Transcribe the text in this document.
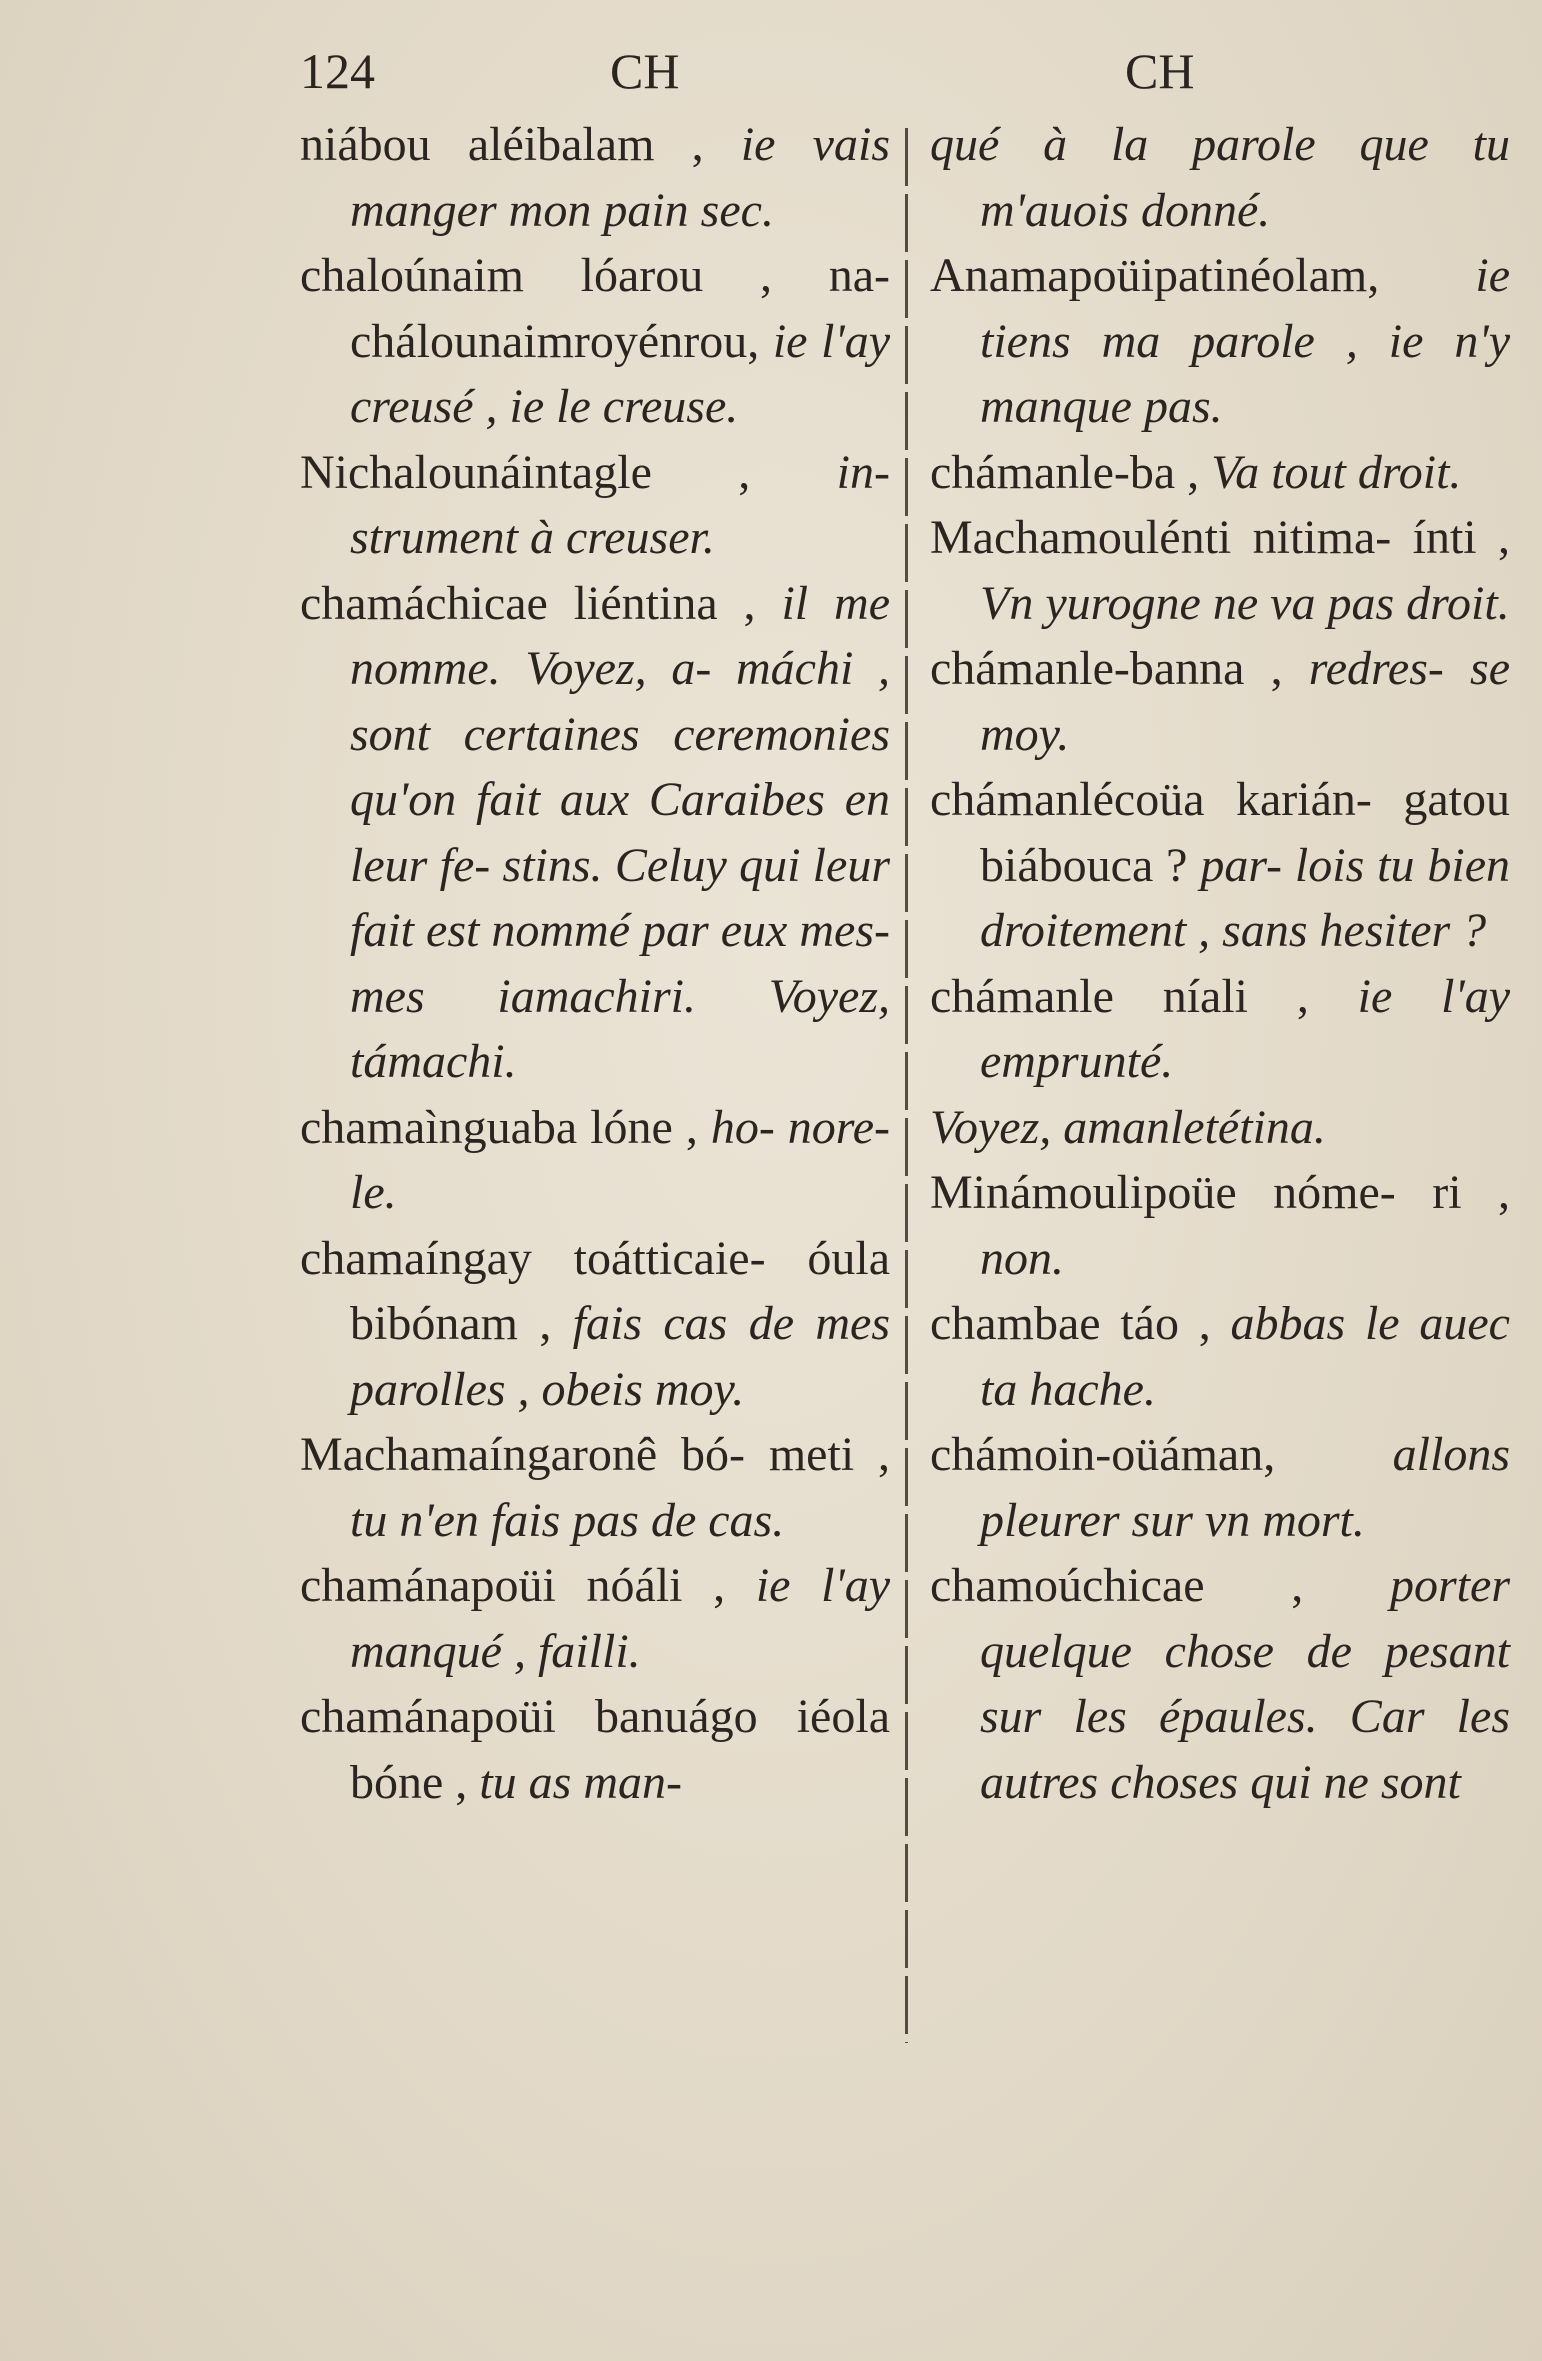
124	CH	CH

niábou aléibalam , ie vais manger mon pain sec.

chaloúnaim lóarou , na- chálounaimroyénrou, ie l'ay creusé , ie le creuse.

Nichalounáintagle , in- strument à creuser.

chamáchicae liéntina , il me nomme. Voyez, a- máchi , sont certaines ceremonies qu'on fait aux Caraibes en leur fe- stins. Celuy qui leur fait est nommé par eux mes- mes iamachiri. Voyez, támachi.

chamaìnguaba lóne , ho- nore-le.

chamaíngay toátticaie- óula bibónam , fais cas de mes parolles , obeis moy.

Machamaíngaronê bó- meti , tu n'en fais pas de cas.

chamánapoüi nóáli , ie l'ay manqué , failli.

chamánapoüi banuágo iéola bóne , tu as man-

qué à la parole que tu m'auois donné.

Anamapoüipatinéolam, ie tiens ma parole , ie n'y manque pas.

chámanle-ba , Va tout droit.

Machamoulénti nitima- ínti , Vn yurogne ne va pas droit.

chámanle-banna , redres- se moy.

chámanlécoüa karián- gatou biábouca ? par- lois tu bien droitement , sans hesiter ?

chámanle níali , ie l'ay emprunté.

Voyez, amanletétina.

Minámoulipoüe nóme- ri , non.

chambae táo , abbas le auec ta hache.

chámoin-oüáman, allons pleurer sur vn mort.

chamoúchicae , porter quelque chose de pesant sur les épaules. Car les autres choses qui ne sont
